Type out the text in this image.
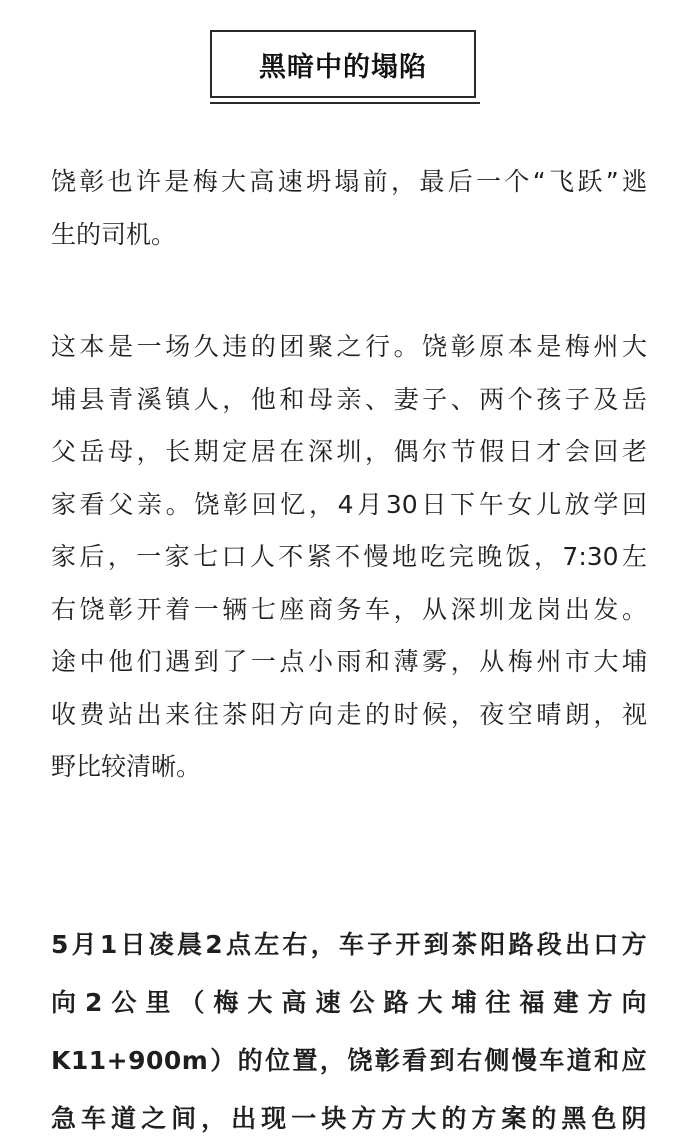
黑暗中的塌陷
饶彰也许是梅大高速坍塌前，最后一个“飞跃”逃
生的司机。
这本是一场久违的团聚之行。饶彰原本是梅州大
埔县青溪镇人，他和母亲、妻子、两个孩子及岳
父岳母，长期定居在深圳，偶尔节假日才会回老
家看父亲。饶彰回忆，4月30日下午女儿放学回
家后，一家七口人不紧不慢地吃完晚饭，7:30左
右饶彰开着一辆七座商务车，从深圳龙岗出发。
途中他们遇到了一点小雨和薄雾，从梅州市大埔
收费站出来往茶阳方向走的时候，夜空晴朗，视
野比较清晰。
5月1日凌晨2点左右，车子开到茶阳路段出口方
向2公里（梅大高速公路大埔往福建方向
K11+900m）的位置，饶彰看到右侧慢车道和应
急车道之间，出现一块方方大的方案的黑色阴
